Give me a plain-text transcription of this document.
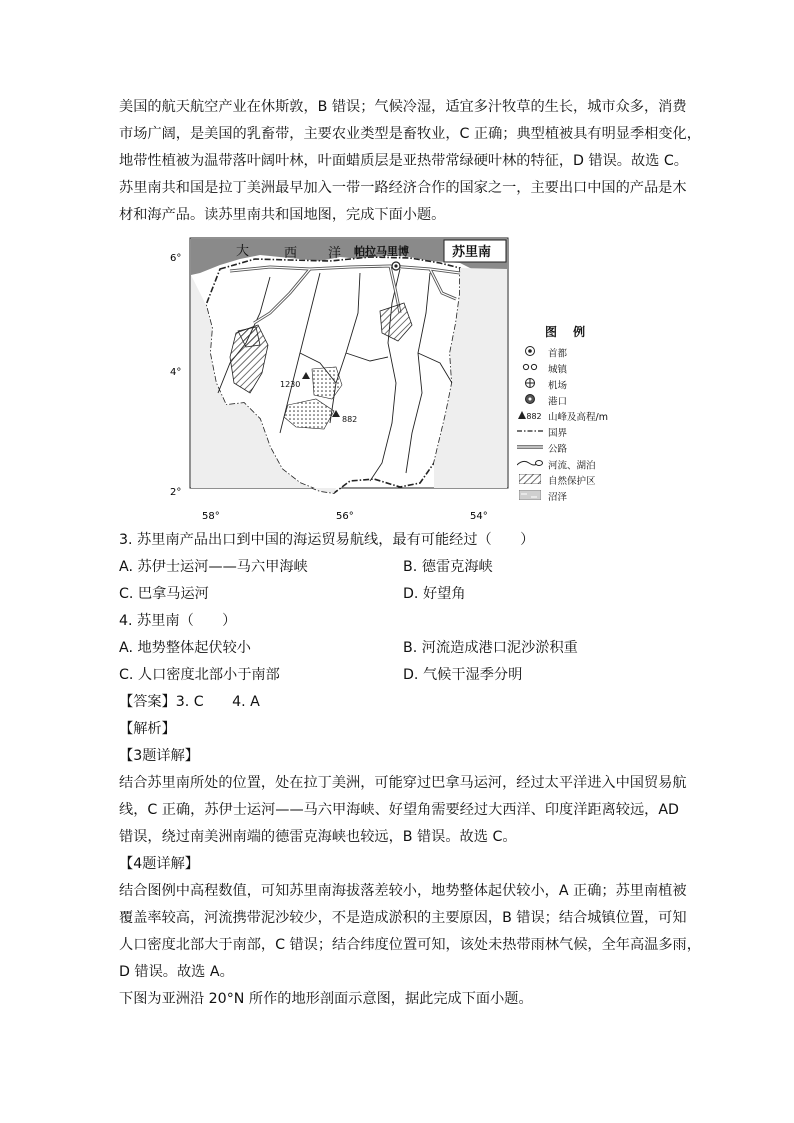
美国的航天航空产业在休斯敦，B 错误；气候冷湿，适宜多汁牧草的生长，城市众多，消费
市场广阔，是美国的乳畜带，主要农业类型是畜牧业，C 正确；典型植被具有明显季相变化，
地带性植被为温带落叶阔叶林，叶面蜡质层是亚热带常绿硬叶林的特征，D 错误。故选 C。
苏里南共和国是拉丁美洲最早加入一带一路经济合作的国家之一，主要出口中国的产品是木
材和海产品。读苏里南共和国地图，完成下面小题。
6°
4°
2°
58°	56°	54°
大	西 洋 帕拉马里博	苏里南
1230
882
图 例
首都
城镇
机场
港口
882 山峰及高程/m
国界
公路
河流、湖泊
自然保护区
沼泽
3. 苏里南产品出口到中国的海运贸易航线，最有可能经过（　　）
A. 苏伊士运河——马六甲海峡	B. 德雷克海峡
C. 巴拿马运河	D. 好望角
4. 苏里南（　　）
A. 地势整体起伏较小	B. 河流造成港口泥沙淤积重
C. 人口密度北部小于南部	D. 气候干湿季分明
【答案】3. C　　4. A
【解析】
【3题详解】
结合苏里南所处的位置，处在拉丁美洲，可能穿过巴拿马运河，经过太平洋进入中国贸易航
线，C 正确，苏伊士运河——马六甲海峡、好望角需要经过大西洋、印度洋距离较远，AD
错误，绕过南美洲南端的德雷克海峡也较远，B 错误。故选 C。
【4题详解】
结合图例中高程数值，可知苏里南海拔落差较小，地势整体起伏较小，A 正确；苏里南植被
覆盖率较高，河流携带泥沙较少，不是造成淤积的主要原因，B 错误；结合城镇位置，可知
人口密度北部大于南部，C 错误；结合纬度位置可知，该处未热带雨林气候，全年高温多雨，
D 错误。故选 A。
下图为亚洲沿 20°N 所作的地形剖面示意图，据此完成下面小题。
